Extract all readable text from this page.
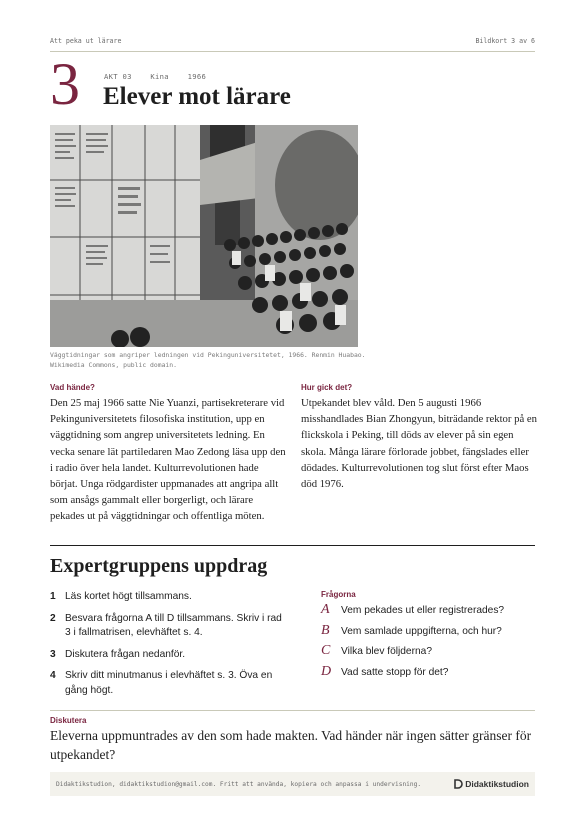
Att peka ut lärare	Bildkort 3 av 6
3	AKT 03	Kina	1966
Elever mot lärare
Väggtidningar som angriper ledningen vid Pekinguniversitetet, 1966. Renmin Huabao. Wikimedia Commons, public domain.
Vad hände?
Den 25 maj 1966 satte Nie Yuanzi, partisekreterare vid Pekinguniversitetets filosofiska institution, upp en väggtidning som angrep universitetets ledning. En vecka senare lät partiledaren Mao Zedong läsa upp den i radio över hela landet. Kulturrevolutionen hade börjat. Unga rödgardister uppmanades att angripa allt som ansågs gammalt eller borgerligt, och lärare pekades ut på väggtidningar och offentliga möten.
Hur gick det?
Utpekandet blev våld. Den 5 augusti 1966 misshandlades Bian Zhongyun, biträdande rektor på en flickskola i Peking, till döds av elever på sin egen skola. Många lärare förlorade jobbet, fängslades eller dödades. Kulturrevolutionen tog slut först efter Maos död 1976.
Expertgruppens uppdrag
1 Läs kortet högt tillsammans.
2 Besvara frågorna A till D tillsammans. Skriv i rad 3 i fallmatrisen, elevhäftet s. 4.
3 Diskutera frågan nedanför.
4 Skriv ditt minutmanus i elevhäftet s. 3. Öva en gång högt.
Frågorna
A	Vem pekades ut eller registrerades?
B	Vem samlade uppgifterna, och hur?
C	Vilka blev följderna?
D Vad satte stopp för det?
Diskutera
Eleverna uppmuntrades av den som hade makten. Vad händer när ingen sätter gränser för utpekandet?
Didaktikstudion, didaktikstudion@gmail.com. Fritt att använda, kopiera och anpassa i undervisning.	Didaktikstudion
